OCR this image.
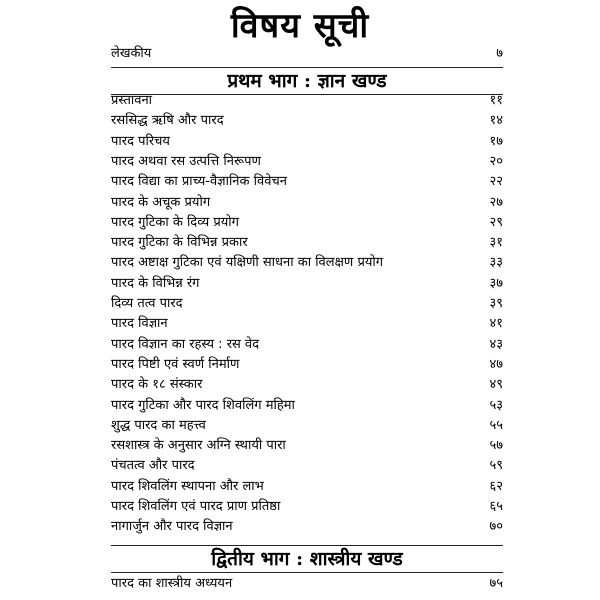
विषय सूची
लेखकीय	७
प्रथम भाग : ज्ञान खण्ड
प्रस्तावना	११
रससिद्ध ऋषि और पारद	१४
पारद परिचय	१७
पारद अथवा रस उत्पत्ति निरूपण	२०
पारद विद्या का प्राच्य-वैज्ञानिक विवेचन	२२
पारद के अचूक प्रयोग	२७
पारद गुटिका के दिव्य प्रयोग	२९
पारद गुटिका के विभिन्न प्रकार	३१
पारद अष्टाक्ष गुटिका एवं यक्षिणी साधना का विलक्षण प्रयोग	३३
पारद के विभिन्न रंग	३७
दिव्य तत्व पारद	३९
पारद विज्ञान	४१
पारद विज्ञान का रहस्य : रस वेद	४३
पारद पिष्टी एवं स्वर्ण निर्माण	४७
पारद के १८ संस्कार	४९
पारद गुटिका और पारद शिवलिंग महिमा	५३
शुद्ध पारद का महत्त्व	५५
रसशास्त्र के अनुसार अग्नि स्थायी पारा	५७
पंचतत्व और पारद	५९
पारद शिवलिंग स्थापना और लाभ	६२
पारद शिवलिंग एवं पारद प्राण प्रतिष्ठा	६५
नागार्जुन और पारद विज्ञान	७०
द्वितीय भाग : शास्त्रीय खण्ड
पारद का शास्त्रीय अध्ययन	७५
